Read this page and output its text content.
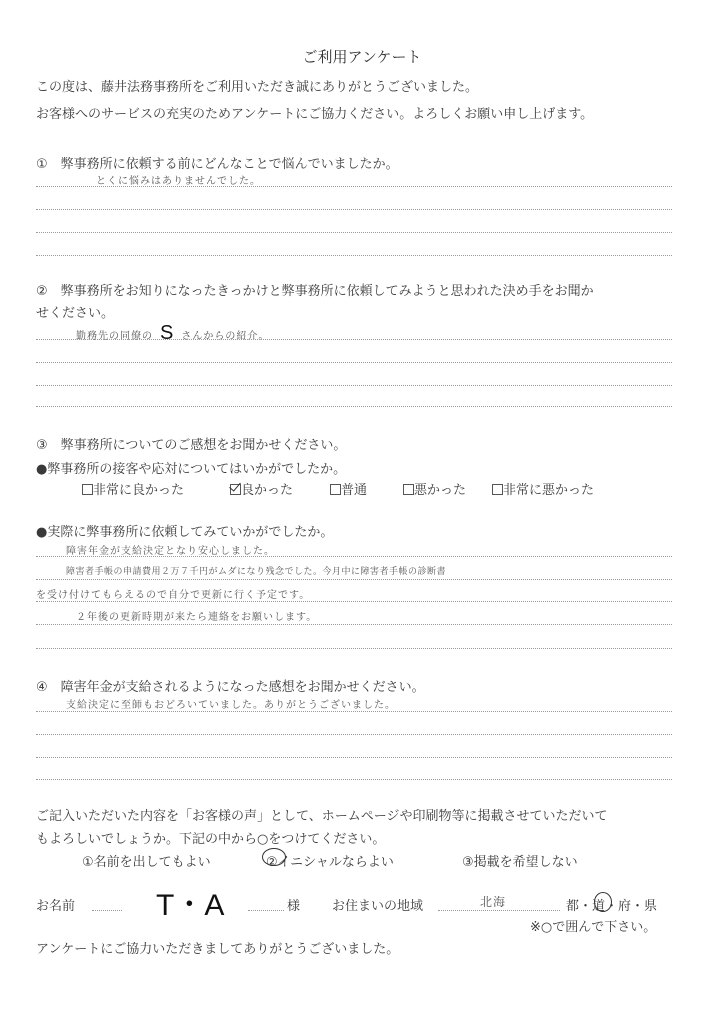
ご利用アンケート
この度は、藤井法務事務所をご利用いただき誠にありがとうございました。
お客様へのサービスの充実のためアンケートにご協力ください。よろしくお願い申し上げます。
①　弊事務所に依頼する前にどんなことで悩んでいましたか。
とくに悩みはありませんでした。
②　弊事務所をお知りになったきっかけと弊事務所に依頼してみようと思われた決め手をお聞か
せください。
勤務先の同僚の S さんからの紹介。
③　弊事務所についてのご感想をお聞かせください。
●弊事務所の接客や応対についてはいかがでしたか。
非常に良かった	良かった	普通	悪かった	非常に悪かった
●実際に弊事務所に依頼してみていかがでしたか。
障害年金が支給決定となり安心しました。
障害者手帳の申請費用２万７千円がムダになり残念でした。今月中に障害者手帳の診断書
を受け付けてもらえるので自分で更新に行く予定です。
２年後の更新時期が来たら連絡をお願いします。
④　障害年金が支給されるようになった感想をお聞かせください。
支給決定に至師もおどろいていました。ありがとうございました。
ご記入いただいた内容を「お客様の声」として、ホームページや印刷物等に掲載させていただいて
もよろしいでしょうか。下記の中から○をつけてください。
①名前を出してもよい	②イニシャルならよい	③掲載を希望しない
お名前	T・A	様 お住まいの地域	北海	都・道・府・県
※○で囲んで下さい。
アンケートにご協力いただきましてありがとうございました。
